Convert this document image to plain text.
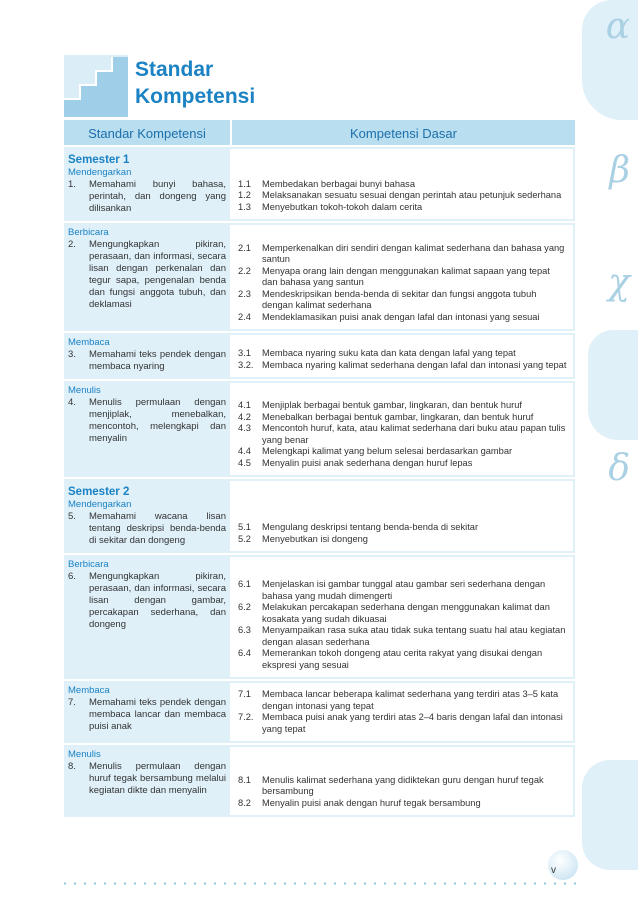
α
β
χ
δ
Standar
Kompetensi
Standar Kompetensi	Kompetensi Dasar
Semester 1
Mendengarkan
1.	Memahami bunyi bahasa, perintah, dan dongeng yang dilisankan
1.1	Membedakan berbagai bunyi bahasa
1.2	Melaksanakan sesuatu sesuai dengan perintah atau petunjuk sederhana
1.3	Menyebutkan tokoh-tokoh dalam cerita
Berbicara
2.	Mengungkapkan pikiran, perasaan, dan informasi, secara lisan dengan perkenalan dan tegur sapa, pengenalan benda dan fungsi anggota tubuh, dan deklamasi
2.1	Memperkenalkan diri sendiri dengan kalimat sederhana dan bahasa yang santun
2.2	Menyapa orang lain dengan menggunakan kalimat sapaan yang tepat dan bahasa yang santun
2.3	Mendeskripsikan benda-benda di sekitar dan fungsi anggota tubuh dengan kalimat sederhana
2.4	Mendeklamasikan puisi anak dengan lafal dan intonasi yang sesuai
Membaca
3.	Memahami teks pendek dengan membaca nyaring
3.1	Membaca nyaring suku kata dan kata dengan lafal yang tepat
3.2. Membaca nyaring kalimat sederhana dengan lafal dan intonasi yang tepat
Menulis
4.	Menulis permulaan dengan menjiplak, menebalkan, mencontoh, melengkapi dan menyalin
4.1	Menjiplak berbagai bentuk gambar, lingkaran, dan bentuk huruf
4.2	Menebalkan berbagai bentuk gambar, lingkaran, dan bentuk huruf
4.3	Mencontoh huruf, kata, atau kalimat sederhana dari buku atau papan tulis yang benar
4.4	Melengkapi kalimat yang belum selesai berdasarkan gambar
4.5	Menyalin puisi anak sederhana dengan huruf lepas
Semester 2
Mendengarkan
5.	Memahami wacana lisan tentang deskripsi benda-benda di sekitar dan dongeng
5.1	Mengulang deskripsi tentang benda-benda di sekitar
5.2	Menyebutkan isi dongeng
Berbicara
6.	Mengungkapkan pikiran, perasaan, dan informasi, secara lisan dengan gambar, percakapan sederhana, dan dongeng
6.1	Menjelaskan isi gambar tunggal atau gambar seri sederhana dengan bahasa yang mudah dimengerti
6.2	Melakukan percakapan sederhana dengan menggunakan kalimat dan kosakata yang sudah dikuasai
6.3	Menyampaikan rasa suka atau tidak suka tentang suatu hal atau kegiatan dengan alasan sederhana
6.4	Memerankan tokoh dongeng atau cerita rakyat yang disukai dengan ekspresi yang sesuai
Membaca
7.	Memahami teks pendek dengan membaca lancar dan membaca puisi anak
7.1	Membaca lancar beberapa kalimat sederhana yang terdiri atas 3–5 kata dengan intonasi yang tepat
7.2. Membaca puisi anak yang terdiri atas 2–4 baris dengan lafal dan intonasi yang tepat
Menulis
8.	Menulis permulaan dengan huruf tegak bersambung melalui kegiatan dikte dan menyalin
8.1	Menulis kalimat sederhana yang didiktekan guru dengan huruf tegak bersambung
8.2	Menyalin puisi anak dengan huruf tegak bersambung
v
